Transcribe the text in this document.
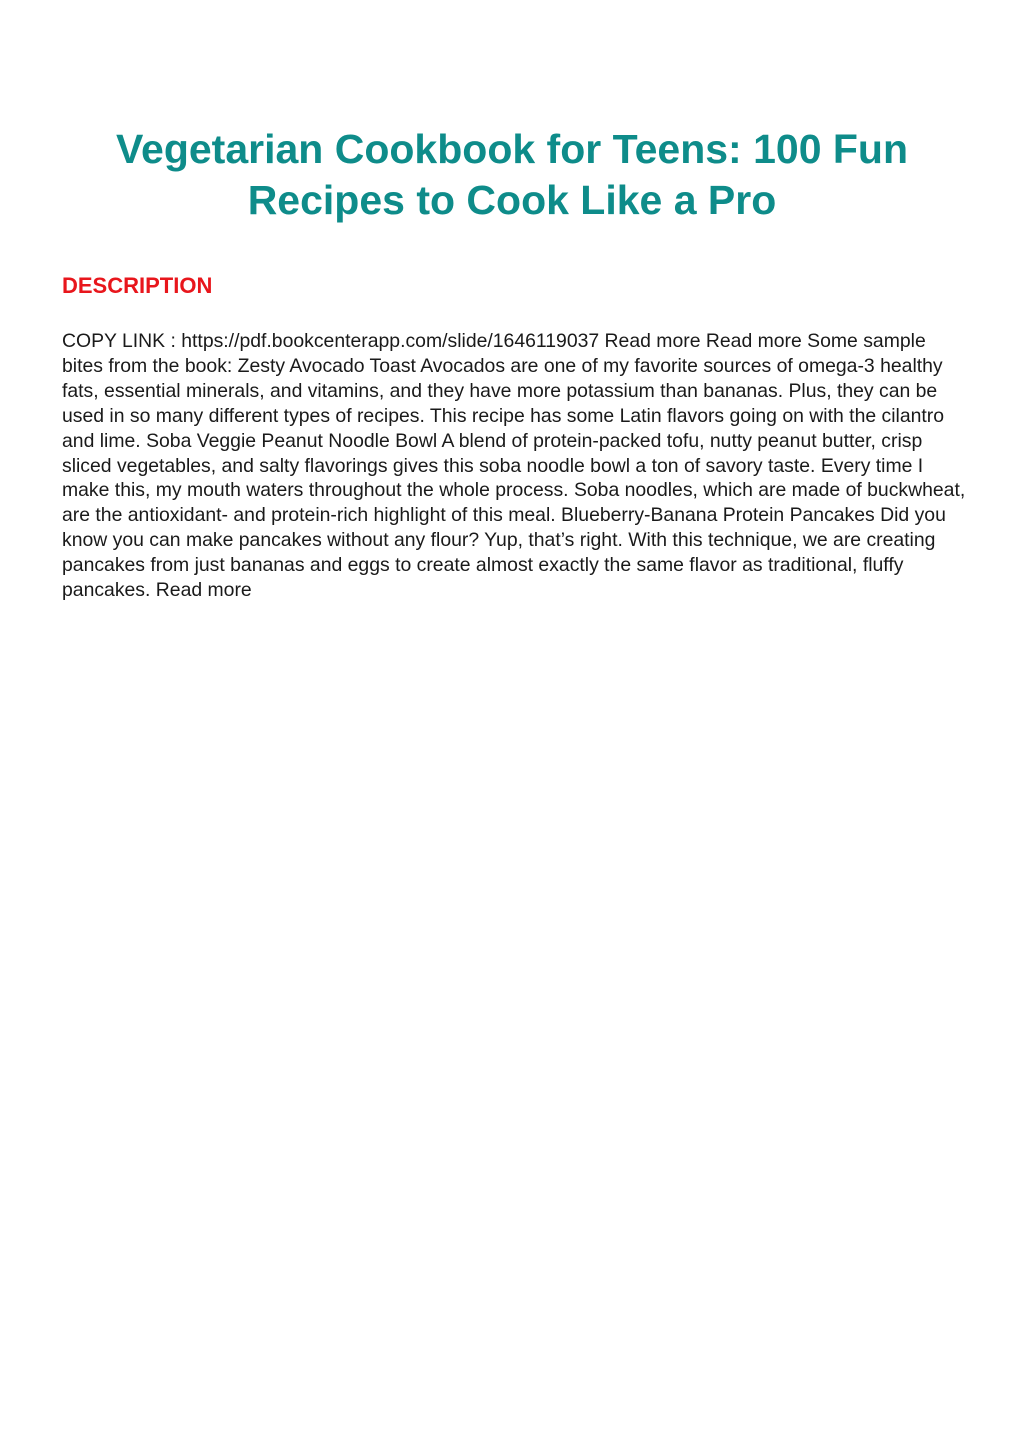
Vegetarian Cookbook for Teens: 100 Fun Recipes to Cook Like a Pro
DESCRIPTION

COPY LINK : https://pdf.bookcenterapp.com/slide/1646119037 Read more Read more Some sample bites from the book: Zesty Avocado Toast Avocados are one of my favorite sources of omega-3 healthy fats, essential minerals, and vitamins, and they have more potassium than bananas. Plus, they can be used in so many different types of recipes. This recipe has some Latin flavors going on with the cilantro and lime. Soba Veggie Peanut Noodle Bowl A blend of protein-packed tofu, nutty peanut butter, crisp sliced vegetables, and salty flavorings gives this soba noodle bowl a ton of savory taste. Every time I make this, my mouth waters throughout the whole process. Soba noodles, which are made of buckwheat, are the antioxidant- and protein-rich highlight of this meal. Blueberry-Banana Protein Pancakes Did you know you can make pancakes without any flour? Yup, that’s right. With this technique, we are creating pancakes from just bananas and eggs to create almost exactly the same flavor as traditional, fluffy pancakes. Read more
